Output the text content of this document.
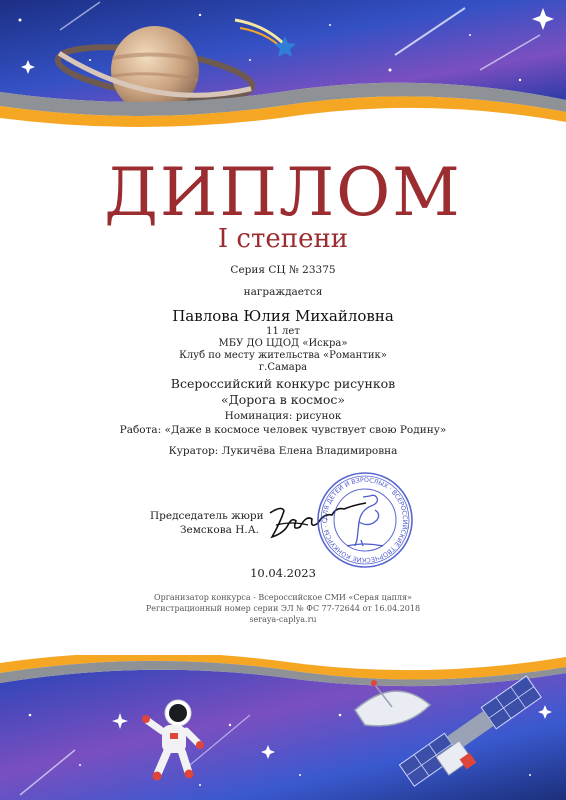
ДИПЛОМ
I степени
Серия СЦ № 23375
награждается
Павлова Юлия Михайловна
11 лет
МБУ ДО ЦДОД «Искра»
Клуб по месту жительства «Романтик»
г.Самара
Всероссийский конкурс рисунков
«Дорога в космос»
Номинация: рисунок
Работа: «Даже в космосе человек чувствует свою Родину»
Куратор: Лукичёва Елена Владимировна
Председатель жюри
Земскова Н.А.
ДЛЯ ДЕТЕЙ И ВЗРОСЛЫХ · ВСЕРОССИЙСКИЕ ТВОРЧЕСКИЕ КОНКУРСЫ · С
10.04.2023
Организатор конкурса - Всероссийское СМИ «Серая цапля»
Регистрационный номер серии ЭЛ № ФС 77-72644 от 16.04.2018
seraya-caplya.ru
